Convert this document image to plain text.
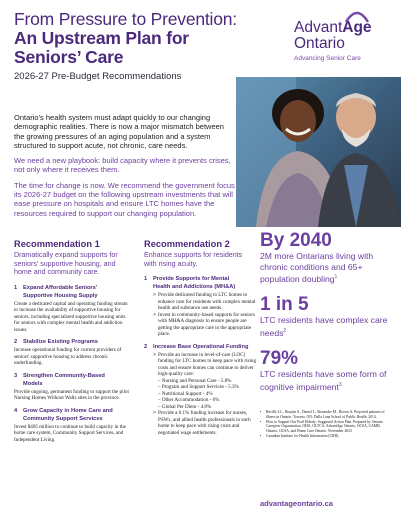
From Pressure to Prevention:
An Upstream Plan for
Seniors’ Care
2026-27 Pre-Budget Recommendations
AdvantAge
Ontario
Advancing Senior Care

Ontario's health system must adapt quickly to our changing demographic realities. There is now a major mismatch between the growing pressures of an aging population and a system structured to support acute, not chronic, care needs.

We need a new playbook: build capacity where it prevents crises, not only where it receives them.

The time for change is now. We recommend the government focus its 2026-27 budget on the following upstream investments that will ease pressure on hospitals and ensure LTC homes have the resources required to support our changing population.

Recommendation 1
Dramatically expand supports for seniors' supportive housing, and home and community care.
1 Expand Affordable Seniors'
Supportive Housing Supply
Create a dedicated capital and operating funding stream to increase the availability of supportive housing for seniors, including specialized supportive housing units for seniors with complex mental health and addiction issues.
2 Stabilize Existing Programs
Increase operational funding for current providers of seniors' supportive housing to address chronic underfunding.
3 Strengthen Community-Based
Models
Provide ongoing, permanent funding to support the pilot Nursing Homes Without Walls sites in the province.
4 Grow Capacity in Home Care and
Community Support Services
Invest $405 million to continue to build capacity in the home care system, Community Support Services, and Independent Living.
Recommendation 2
Enhance supports for residents with rising acuity.
1 Provide Supports for Mental
Health and Addictions (MH&A)
> Provide dedicated funding to LTC homes to enhance care for residents with complex mental health and substance use needs.
> Invest in community-based supports for seniors with MH&A diagnosis to ensure people are getting the appropriate care in the appropriate place.
2 Increase Base Operational Funding
> Provide an increase in level-of-care (LOC) funding for LTC homes to keep pace with rising costs and ensure homes can continue to deliver high-quality care:
– Nursing and Personal Care - 5.8%
– Program and Support Services - 5.3%
– Nutritional Support - 4%
– Other Accommodation - 6%
– Global Per Diem - 4.8%
> Provide a 6.1% funding increase for nurses, PSWs, and allied health professionals in each home to keep pace with rising costs and negotiated wage settlements.
By 2040
2M more Ontarians living with chronic conditions and 65+ population doubling$^1$
1 in 5
LTC residents have complex care needs$^2$
79%
LTC residents have some form of cognitive impairment$^3$
• Beville I.C., Bourjin S., Daniel I., Alexander M., Brown A. Projected patterns of illness in Ontario. Toronto, ON: Dalla Lana School of Public Health, 2014.
• How to Support Our Frail Elderly: Suggested Action Plan. Prepared by Ontario Caregiver Organization, OHA, OLTCA, AdvantAge Ontario, OCSA, CAMH, Ontario, OCSA, and Home Care Ontario. November 2023
• Canadian Institute for Health Information (CIHI)
advantageontario.ca
